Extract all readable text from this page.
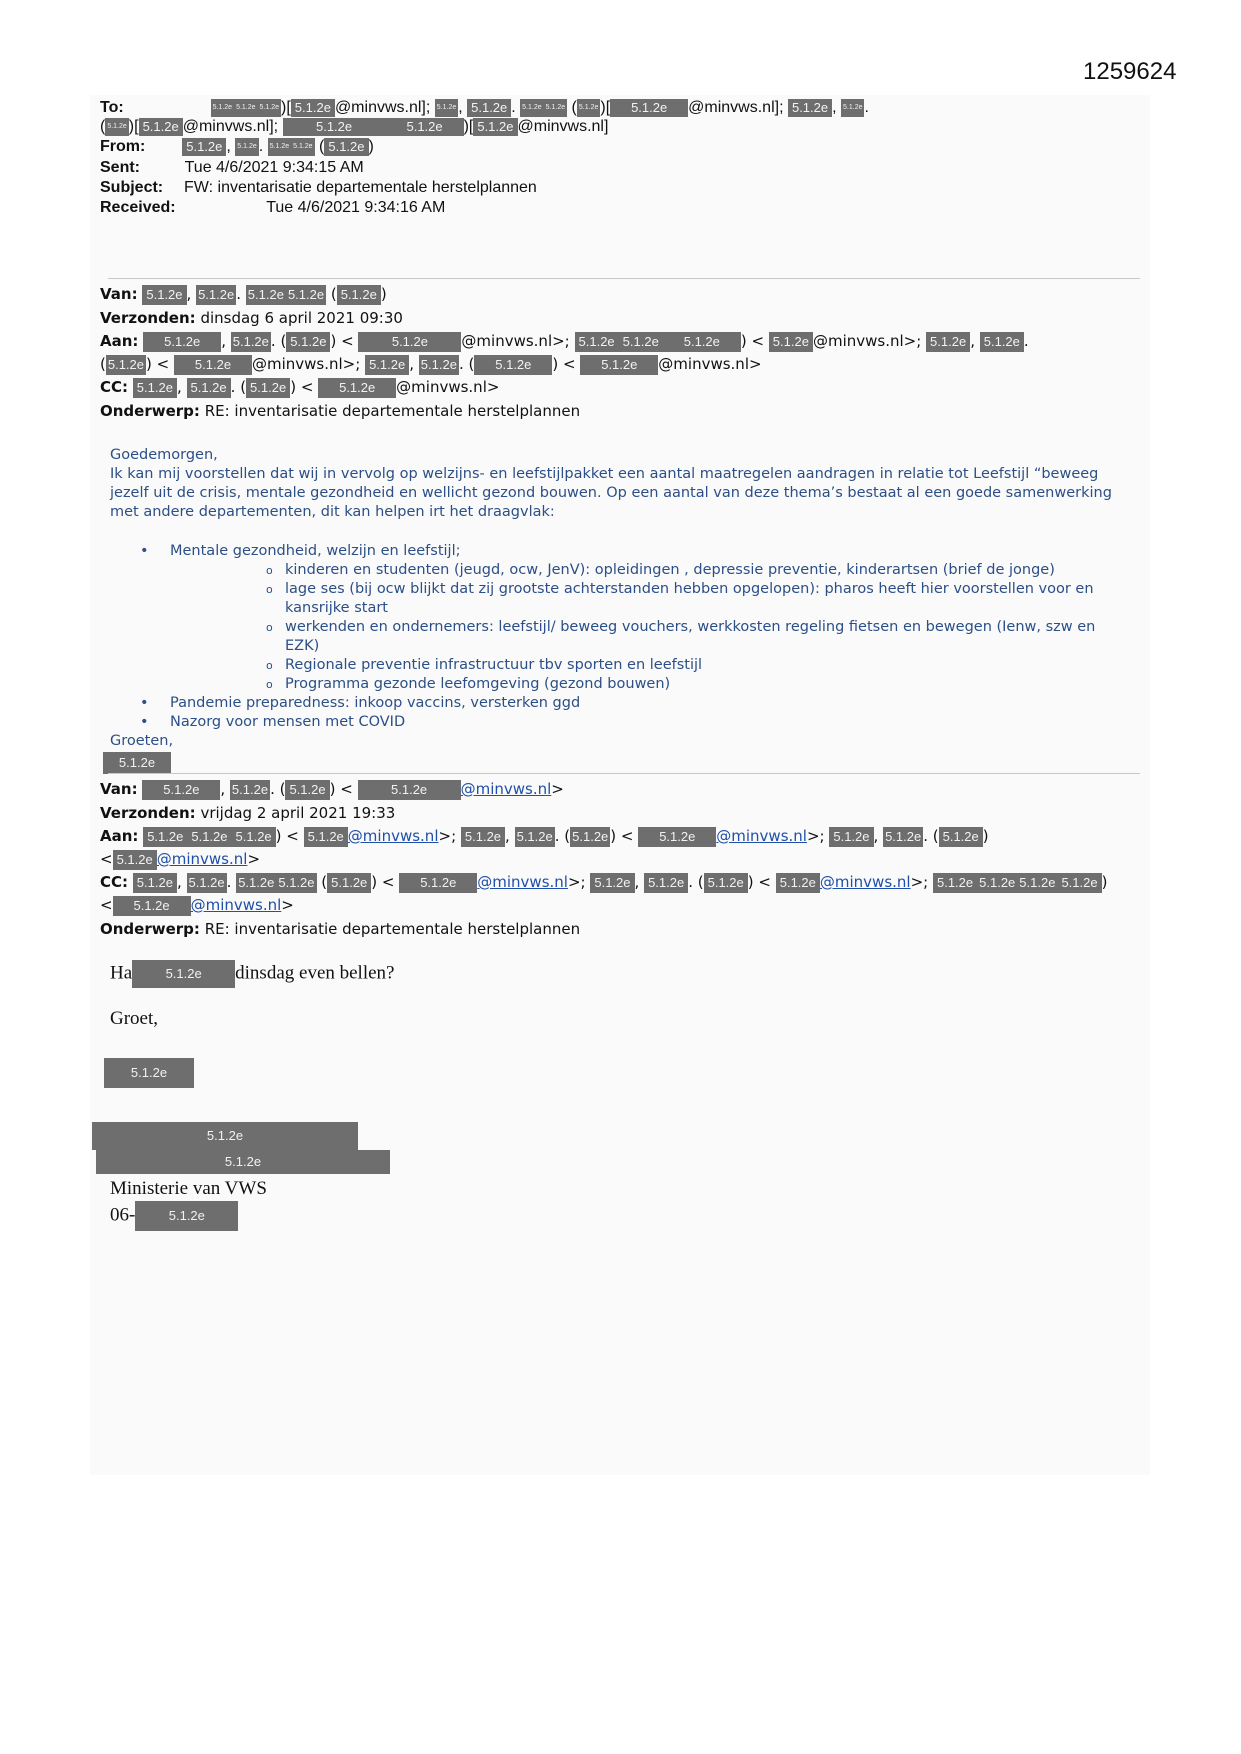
1259624
To:	5.1.2e 5.1.2e 5.1.2e )[ 5.1.2e @minvws.nl]; 5.1.2e , 5.1.2e . 5.1.2e 5.1.2e ( 5.1.2e )[ 5.1.2e @minvws.nl]; 5.1.2e , 5.1.2e .
( 5.1.2e )[ 5.1.2e @minvws.nl];	5.1.2e	5.1.2e )[ 5.1.2e @minvws.nl]
From:	5.1.2e , 5.1.2e . 5.1.2e 5.1.2e ( 5.1.2e )
Sent:	Tue 4/6/2021 9:34:15 AM
Subject: FW: inventarisatie departementale herstelplannen
Received:	Tue 4/6/2021 9:34:16 AM
Van: 5.1.2e , 5.1.2e . 5.1.2e 5.1.2e ( 5.1.2e )
Verzonden: dinsdag 6 april 2021 09:30
Aan: 5.1.2e , 5.1.2e . ( 5.1.2e ) <	5.1.2e @minvws.nl>; 5.1.2e 5.1.2e 5.1.2e ) < 5.1.2e @minvws.nl>; 5.1.2e , 5.1.2e .
( 5.1.2e ) < 5.1.2e @minvws.nl>; 5.1.2e , 5.1.2e . ( 5.1.2e ) < 5.1.2e @minvws.nl>
CC: 5.1.2e , 5.1.2e . ( 5.1.2e ) < 5.1.2e @minvws.nl>
Onderwerp: RE: inventarisatie departementale herstelplannen

Goedemorgen,

Ik kan mij voorstellen dat wij in vervolg op welzijns- en leefstijlpakket een aantal maatregelen aandragen in relatie tot Leefstijl “beweeg jezelf uit de crisis, mentale gezondheid en wellicht gezond bouwen. Op een aantal van deze thema’s bestaat al een goede samenwerking met andere departementen, dit kan helpen irt het draagvlak:

• Mentale gezondheid, welzijn en leefstijl;
o kinderen en studenten (jeugd, ocw, JenV): opleidingen , depressie preventie, kinderartsen (brief de jonge)
o lage ses (bij ocw blijkt dat zij grootste achterstanden hebben opgelopen): pharos heeft hier voorstellen voor en kansrijke start
o werkenden en ondernemers: leefstijl/ beweeg vouchers, werkkosten regeling fietsen en bewegen (Ienw, szw en EZK)
o Regionale preventie infrastructuur tbv sporten en leefstijl
o Programma gezonde leefomgeving (gezond bouwen)
• Pandemie preparedness: inkoop vaccins, versterken ggd
• Nazorg voor mensen met COVID

Groeten,

5.1.2e
Van: 5.1.2e , 5.1.2e . ( 5.1.2e ) <	5.1.2e @minvws.nl>
Verzonden: vrijdag 2 april 2021 19:33
Aan: 5.1.2e 5.1.2e 5.1.2e ) < 5.1.2e @minvws.nl>; 5.1.2e , 5.1.2e . ( 5.1.2e ) < 5.1.2e @minvws.nl>; 5.1.2e , 5.1.2e . ( 5.1.2e )
< 5.1.2e @minvws.nl>
CC: 5.1.2e , 5.1.2e . 5.1.2e 5.1.2e ( 5.1.2e ) < 5.1.2e @minvws.nl>; 5.1.2e , 5.1.2e . ( 5.1.2e ) < 5.1.2e @minvws.nl>; 5.1.2e 5.1.2e 5.1.2e 5.1.2e )
< 5.1.2e @minvws.nl>
Onderwerp: RE: inventarisatie departementale herstelplannen
Ha	5.1.2e dinsdag even bellen?
Groet,
5.1.2e
5.1.2e
5.1.2e
Ministerie van VWS
06-	5.1.2e
